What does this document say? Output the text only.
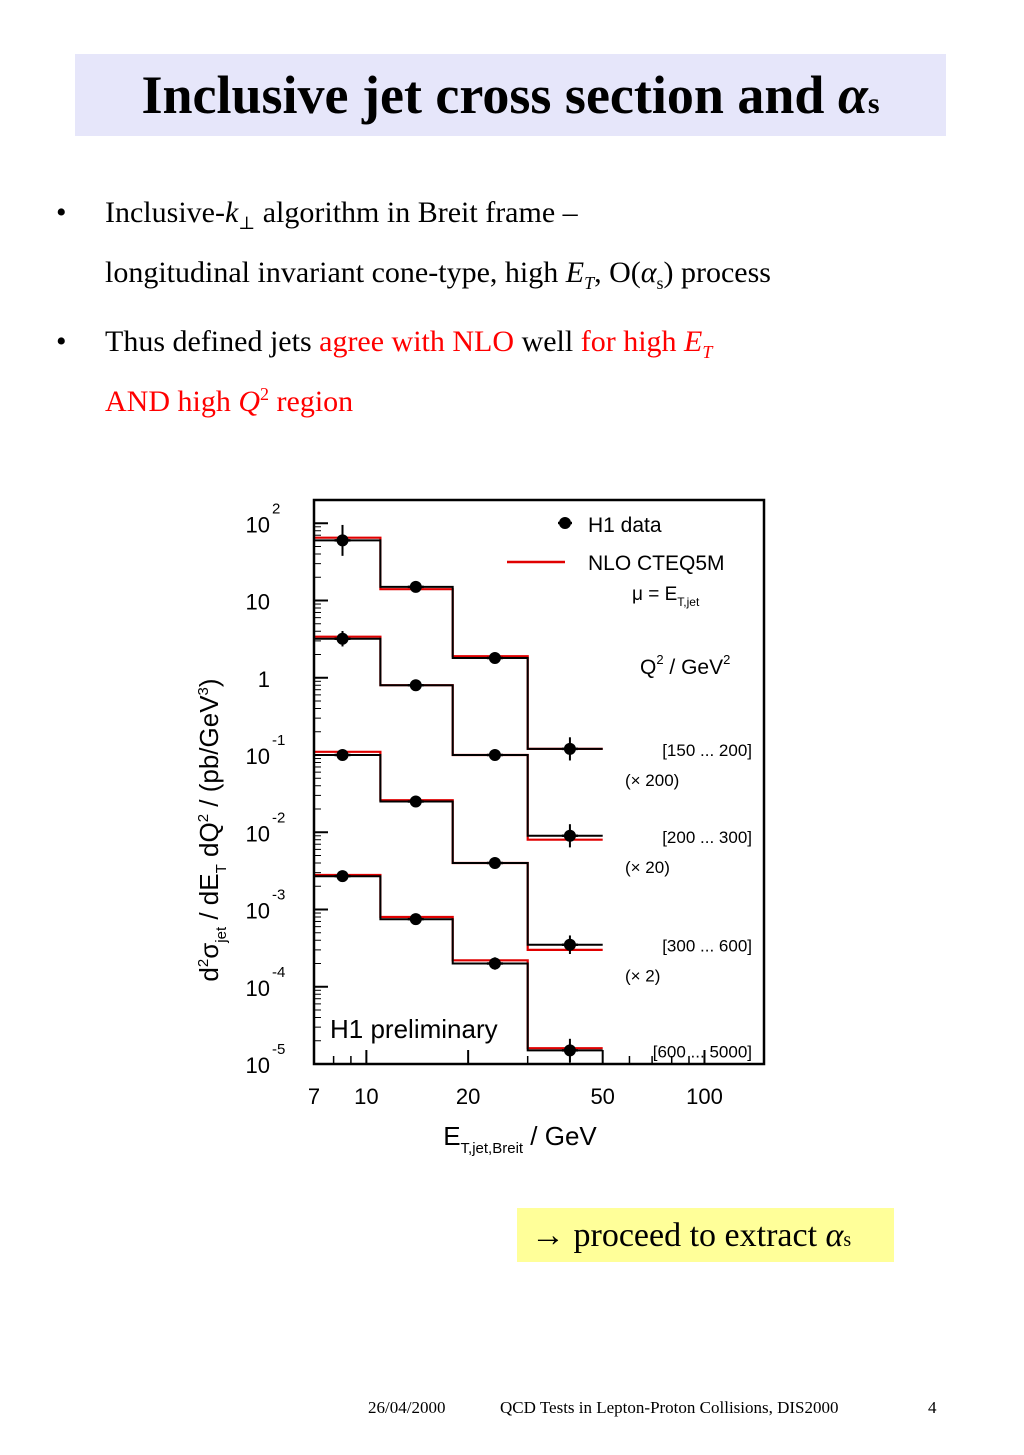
Inclusive jet cross section and αs
• Inclusive-$k_\perp$ algorithm in Breit frame –
longitudinal invariant cone-type, high $E_T$, $O(\alpha_s)$ process
• Thus defined jets agree with NLO well for high $E_T$
AND high $Q^2$ region
$d^2\sigma_{jet} / dE_T$ $dQ^2 / (pb/GeV^3)$
$E_{T,jet,Breit}$ / GeV
7 10	20	50	100
10
2
10
1
10
-1
10
-2
10
-3
10
-4
10
-5
H1 preliminary
H1 data
NLO CTEQ5M
$\mu = E_{T,jet}$
$Q^2 / GeV^2$
[150 ... 200]
(× 200)
[200 ... 300]
(× 20)
[300 ... 600]
(× 2)
[600 ... 5000]
→ proceed to extract αs
26/04/2000	QCD Tests in Lepton-Proton Collisions, DIS2000	4
